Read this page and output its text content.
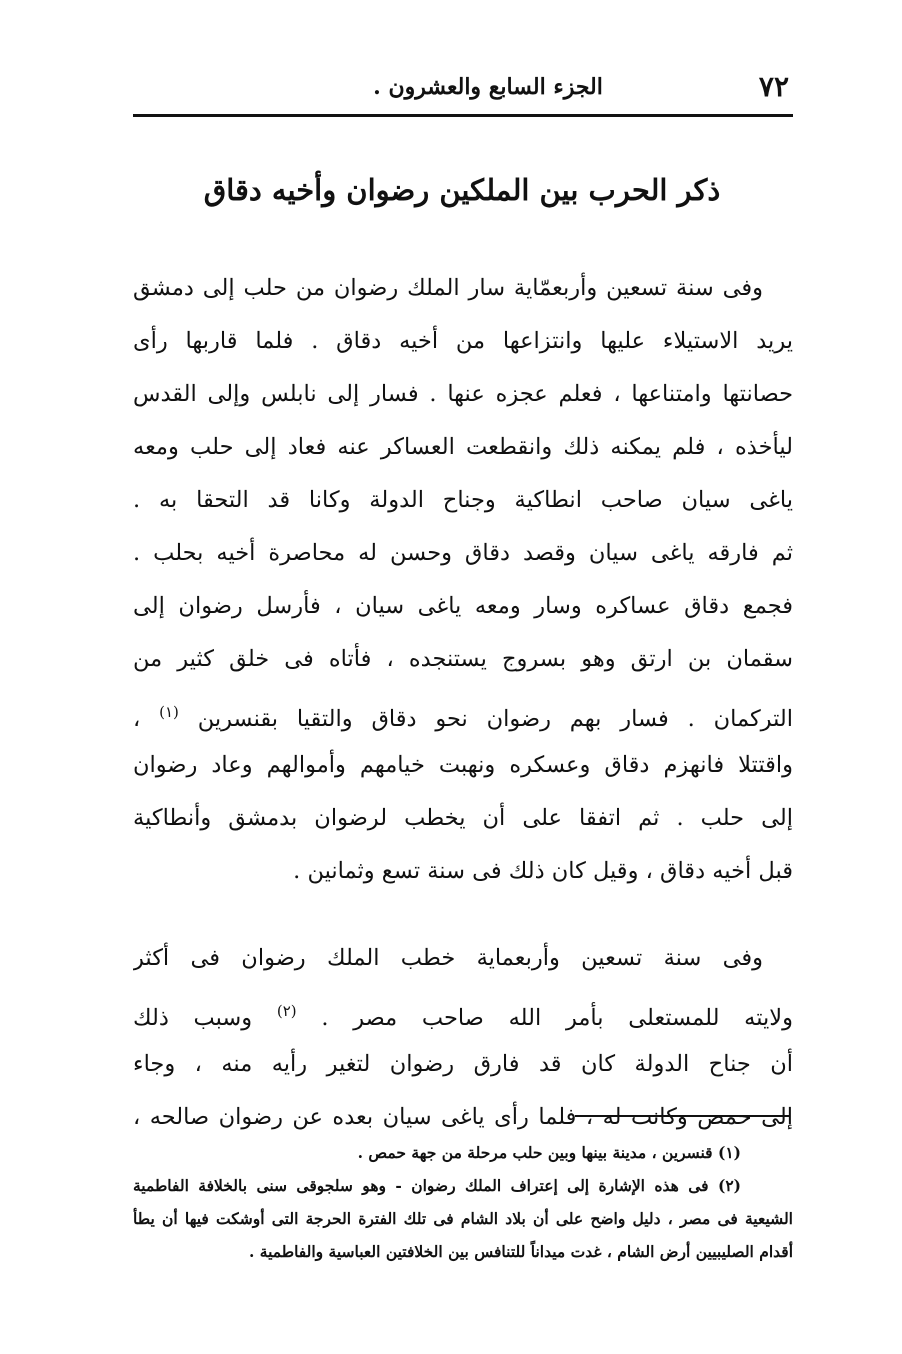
٧٢
الجزء السابع والعشرون .
ذكر الحرب بين الملكين رضوان وأخيه دقاق
وفى سنة تسعين وأربعمّاية سار الملك رضوان من حلب إلى دمشق
يريد الاستيلاء عليها وانتزاعها من أخيه دقاق . فلما قاربها رأى
حصانتها وامتناعها ، فعلم عجزه عنها . فسار إلى نابلس وإلى القدس
ليأخذه ، فلم يمكنه ذلك وانقطعت العساكر عنه فعاد إلى حلب ومعه
ياغى سيان صاحب انطاكية وجناح الدولة وكانا قد التحقا به .
ثم فارقه ياغى سيان وقصد دقاق وحسن له محاصرة أخيه بحلب .
فجمع دقاق عساكره وسار ومعه ياغى سيان ، فأرسل رضوان إلى
سقمان بن ارتق وهو بسروج يستنجده ، فأتاه فى خلق كثير من
التركمان . فسار بهم رضوان نحو دقاق والتقيا بقنسرين $^{(١)}$ ،
واقتتلا فانهزم دقاق وعسكره ونهبت خيامهم وأموالهم وعاد رضوان
إلى حلب . ثم اتفقا على أن يخطب لرضوان بدمشق وأنطاكية
قبل أخيه دقاق ، وقيل كان ذلك فى سنة تسع وثمانين .
وفى سنة تسعين وأربعماية خطب الملك رضوان فى أكثر
ولايته للمستعلى بأمر الله صاحب مصر . $^{(٢)}$ وسبب ذلك
أن جناح الدولة كان قد فارق رضوان لتغير رأيه منه ، وجاء
إلى حمص وكانت له ، فلما رأى ياغى سيان بعده عن رضوان صالحه ،
(١) قنسرين ، مدينة بينها وبين حلب مرحلة من جهة حمص .
(٢) فى هذه الإشارة إلى إعتراف الملك رضوان - وهو سلجوقى سنى بالخلافة الفاطمية
الشيعية فى مصر ، دليل واضح على أن بلاد الشام فى تلك الفترة الحرجة التى أوشكت فيها أن يطأ
أقدام الصليبيين أرض الشام ، غدت ميداناً للتنافس بين الخلافتين العباسية والفاطمية .
